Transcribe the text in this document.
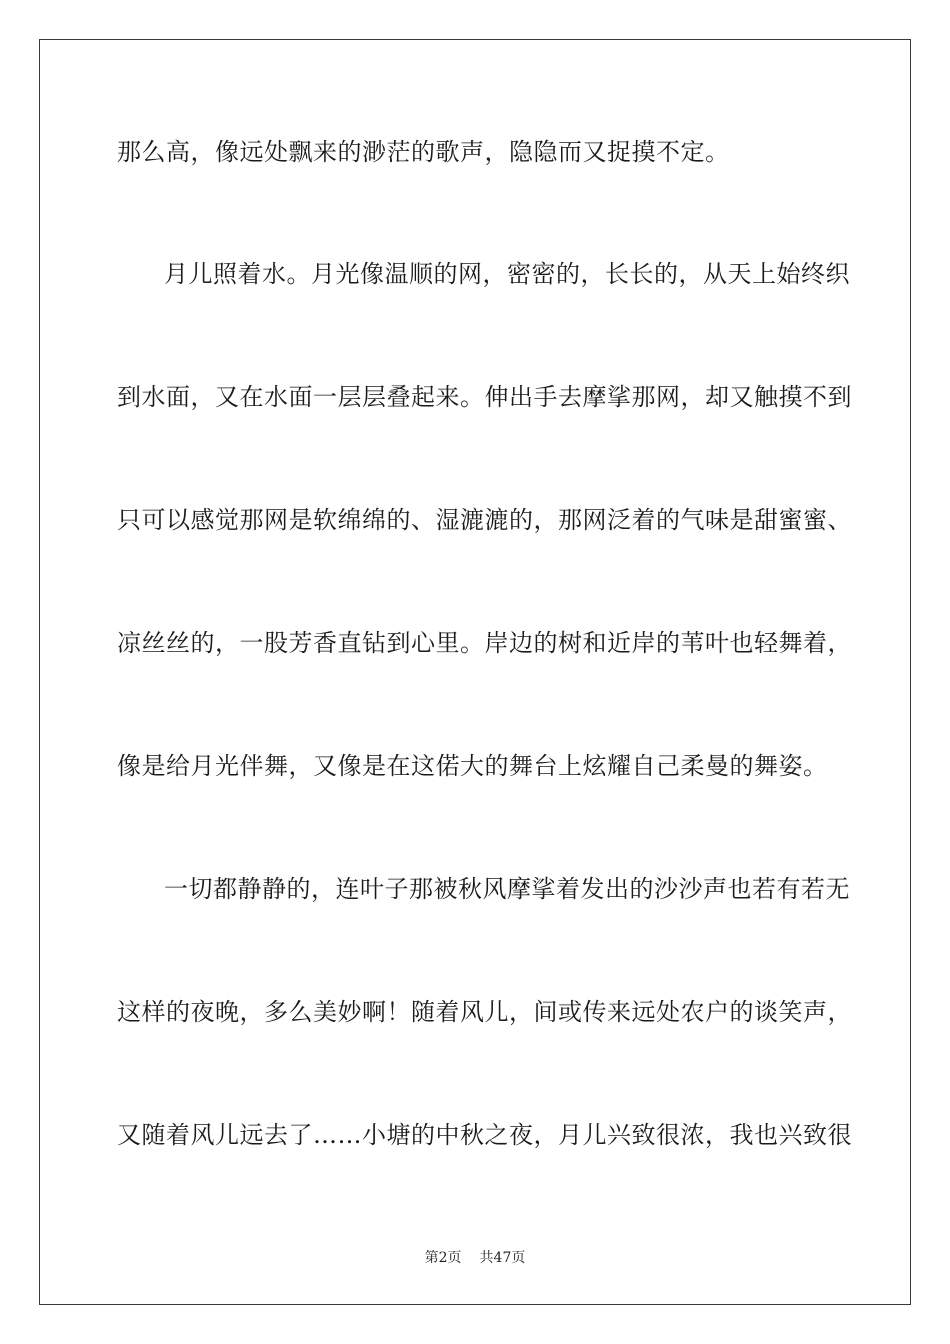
那么高，像远处飘来的渺茫的歌声，隐隐而又捉摸不定。
月儿照着水。月光像温顺的网，密密的，长长的，从天上始终织
到水面，又在水面一层层叠起来。伸出手去摩挲那网，却又触摸不到
只可以感觉那网是软绵绵的、湿漉漉的，那网泛着的气味是甜蜜蜜、
凉丝丝的，一股芳香直钻到心里。岸边的树和近岸的苇叶也轻舞着，
像是给月光伴舞，又像是在这偌大的舞台上炫耀自己柔曼的舞姿。
一切都静静的，连叶子那被秋风摩挲着发出的沙沙声也若有若无
这样的夜晚，多么美妙啊！随着风儿，间或传来远处农户的谈笑声，
又随着风儿远去了……小塘的中秋之夜，月儿兴致很浓，我也兴致很
第2页 共47页
